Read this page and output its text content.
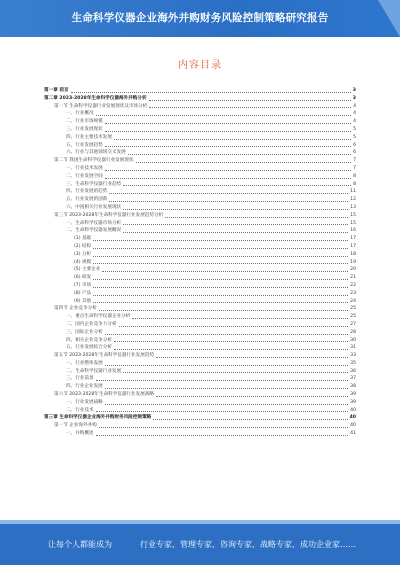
生命科学仪器企业海外并购财务风险控制策略研究报告
内容目录
第一章 前言	3
第二章 2023-2028年生命科学仪器海外并购分析	3
第一节 生命科学仪器行业发展现状及市场分析	4
一、行业概况	4
二、行业市场规模	4
三、行业发展现状	5
四、行业主要技术发展	5
五、行业发展趋势	6
六、行业与其他领域交叉发展	6
第二节 我国生命科学仪器行业发展现状	7
一、行业技术发展	7
二、行业发展空间	8
三、生命科学仪器行业趋势	8
四、行业发展的趋势	11
五、行业发展的创新	12
六、中国相关行业发展现状	13
第三节 2023-2028年生命科学仪器行业发展趋势分析	15
一、生命科学仪器市场分析	15
二、生命科学仪器发展概况	16
(1) 基础	17
(2) 结构	17
(3) 分析	18
(4) 规模	19
(5) 主要企业	20
(6) 研发	21
(7) 市场	22
(8) 产品	23
(9) 其他	24
第四节 企业竞争分析	25
一、重点生命科学仪器企业分析	25
二、国内企业竞争力分析	27
三、国际企业分析	28
四、相关企业竞争分析	30
五、行业发展综合分析	31
第五节 2023-2028年生命科学仪器行业发展趋势	33
一、行业整体发展	35
二、生命科学仪器行业发展	36
三、行业前景	37
四、行业企业发展	38
第六节 2023-2028年生命科学仪器行业发展战略	39
一、行业发展战略	39
二、行业技术	40
第三章 生命科学仪器企业海外并购财务风险控制策略	40
第一节 企业海外并购	40
一、并购概述	41
让每个人都能成为	行业专家、管理专家、咨询专家、战略专家、成功企业家……
